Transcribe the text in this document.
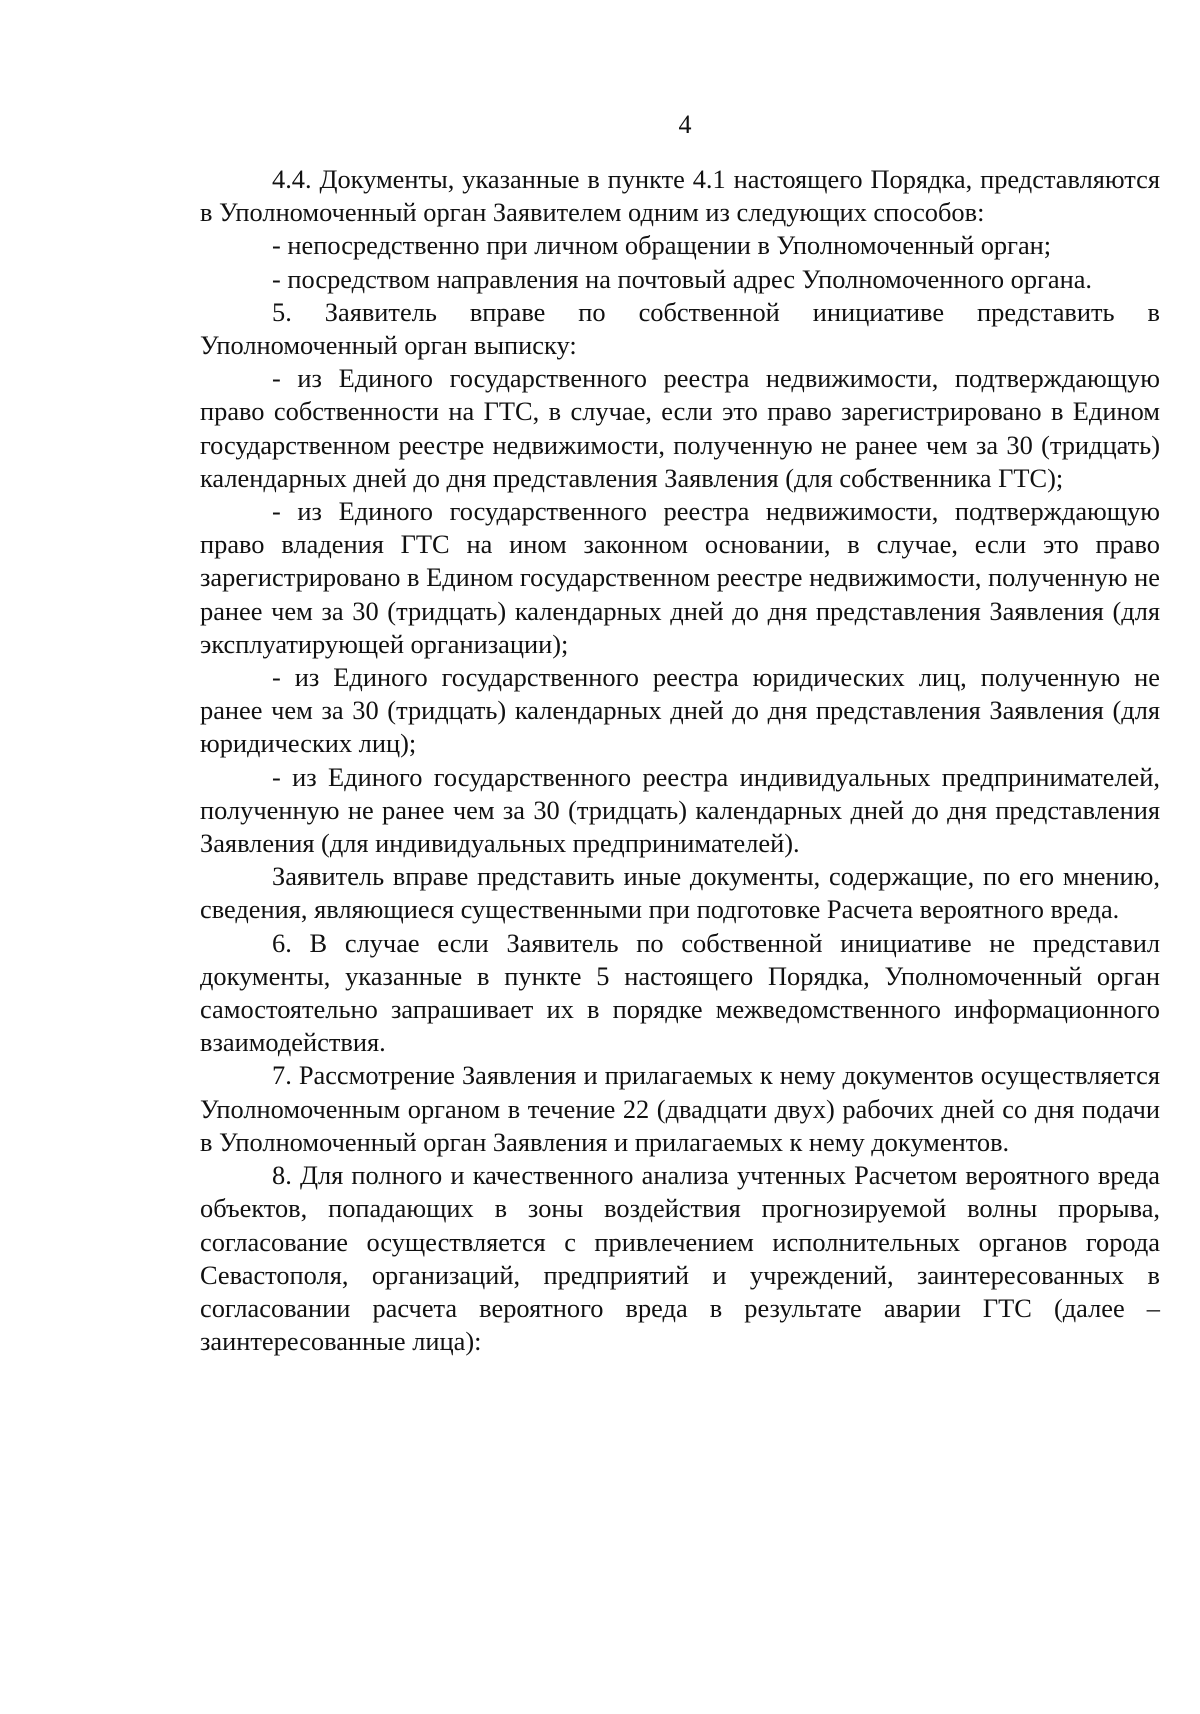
4

4.4. Документы, указанные в пункте 4.1 настоящего Порядка, представляются в Уполномоченный орган Заявителем одним из следующих способов:

- непосредственно при личном обращении в Уполномоченный орган;

- посредством направления на почтовый адрес Уполномоченного органа.

5. Заявитель вправе по собственной инициативе представить в Уполномоченный орган выписку:

- из Единого государственного реестра недвижимости, подтверждающую право собственности на ГТС, в случае, если это право зарегистрировано в Едином государственном реестре недвижимости, полученную не ранее чем за 30 (тридцать) календарных дней до дня представления Заявления (для собственника ГТС);

- из Единого государственного реестра недвижимости, подтверждающую право владения ГТС на ином законном основании, в случае, если это право зарегистрировано в Едином государственном реестре недвижимости, полученную не ранее чем за 30 (тридцать) календарных дней до дня представления Заявления (для эксплуатирующей организации);

- из Единого государственного реестра юридических лиц, полученную не ранее чем за 30 (тридцать) календарных дней до дня представления Заявления (для юридических лиц);

- из Единого государственного реестра индивидуальных предпринимателей, полученную не ранее чем за 30 (тридцать) календарных дней до дня представления Заявления (для индивидуальных предпринимателей).

Заявитель вправе представить иные документы, содержащие, по его мнению, сведения, являющиеся существенными при подготовке Расчета вероятного вреда.

6. В случае если Заявитель по собственной инициативе не представил документы, указанные в пункте 5 настоящего Порядка, Уполномоченный орган самостоятельно запрашивает их в порядке межведомственного информационного взаимодействия.

7. Рассмотрение Заявления и прилагаемых к нему документов осуществляется Уполномоченным органом в течение 22 (двадцати двух) рабочих дней со дня подачи в Уполномоченный орган Заявления и прилагаемых к нему документов.

8. Для полного и качественного анализа учтенных Расчетом вероятного вреда объектов, попадающих в зоны воздействия прогнозируемой волны прорыва, согласование осуществляется с привлечением исполнительных органов города Севастополя, организаций, предприятий и учреждений, заинтересованных в согласовании расчета вероятного вреда в результате аварии ГТС (далее – заинтересованные лица):
